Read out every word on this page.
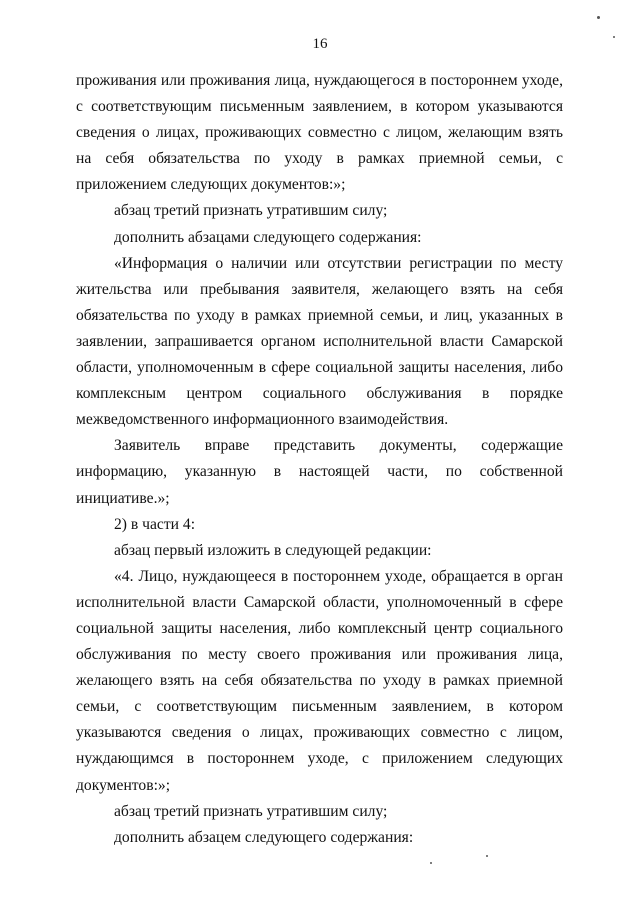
16

проживания или проживания лица, нуждающегося в постороннем уходе, с соответствующим письменным заявлением, в котором указываются сведения о лицах, проживающих совместно с лицом, желающим взять на себя обязательства по уходу в рамках приемной семьи, с приложением следующих документов:»;

абзац третий признать утратившим силу;

дополнить абзацами следующего содержания:

«Информация о наличии или отсутствии регистрации по месту жительства или пребывания заявителя, желающего взять на себя обязательства по уходу в рамках приемной семьи, и лиц, указанных в заявлении, запрашивается органом исполнительной власти Самарской области, уполномоченным в сфере социальной защиты населения, либо комплексным центром социального обслуживания в порядке межведомственного информационного взаимодействия.

Заявитель вправе представить документы, содержащие информацию, указанную в настоящей части, по собственной инициативе.»;

2) в части 4:

абзац первый изложить в следующей редакции:

«4. Лицо, нуждающееся в постороннем уходе, обращается в орган исполнительной власти Самарской области, уполномоченный в сфере социальной защиты населения, либо комплексный центр социального обслуживания по месту своего проживания или проживания лица, желающего взять на себя обязательства по уходу в рамках приемной семьи, с соответствующим письменным заявлением, в котором указываются сведения о лицах, проживающих совместно с лицом, нуждающимся в постороннем уходе, с приложением следующих документов:»;

абзац третий признать утратившим силу;

дополнить абзацем следующего содержания:
